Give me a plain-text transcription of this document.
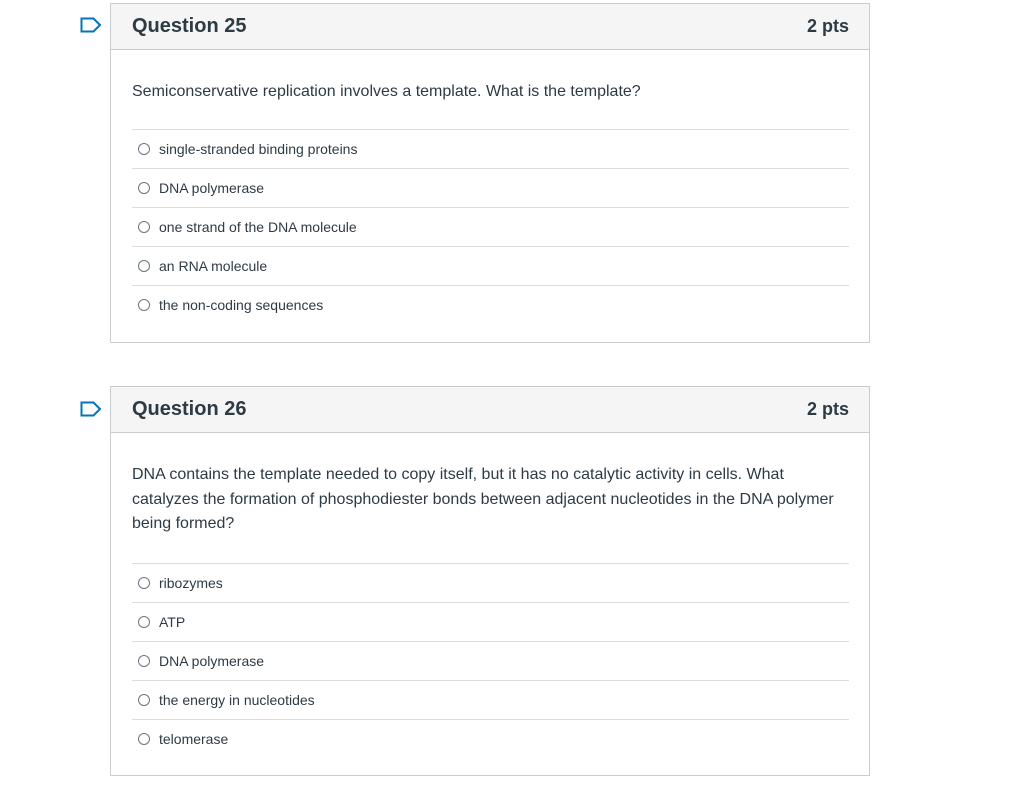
Question 25	2 pts
Semiconservative replication involves a template. What is the template?
single-stranded binding proteins
DNA polymerase
one strand of the DNA molecule
an RNA molecule
the non-coding sequences
Question 26	2 pts
DNA contains the template needed to copy itself, but it has no catalytic activity in cells. What catalyzes the formation of phosphodiester bonds between adjacent nucleotides in the DNA polymer being formed?
ribozymes
ATP
DNA polymerase
the energy in nucleotides
telomerase
